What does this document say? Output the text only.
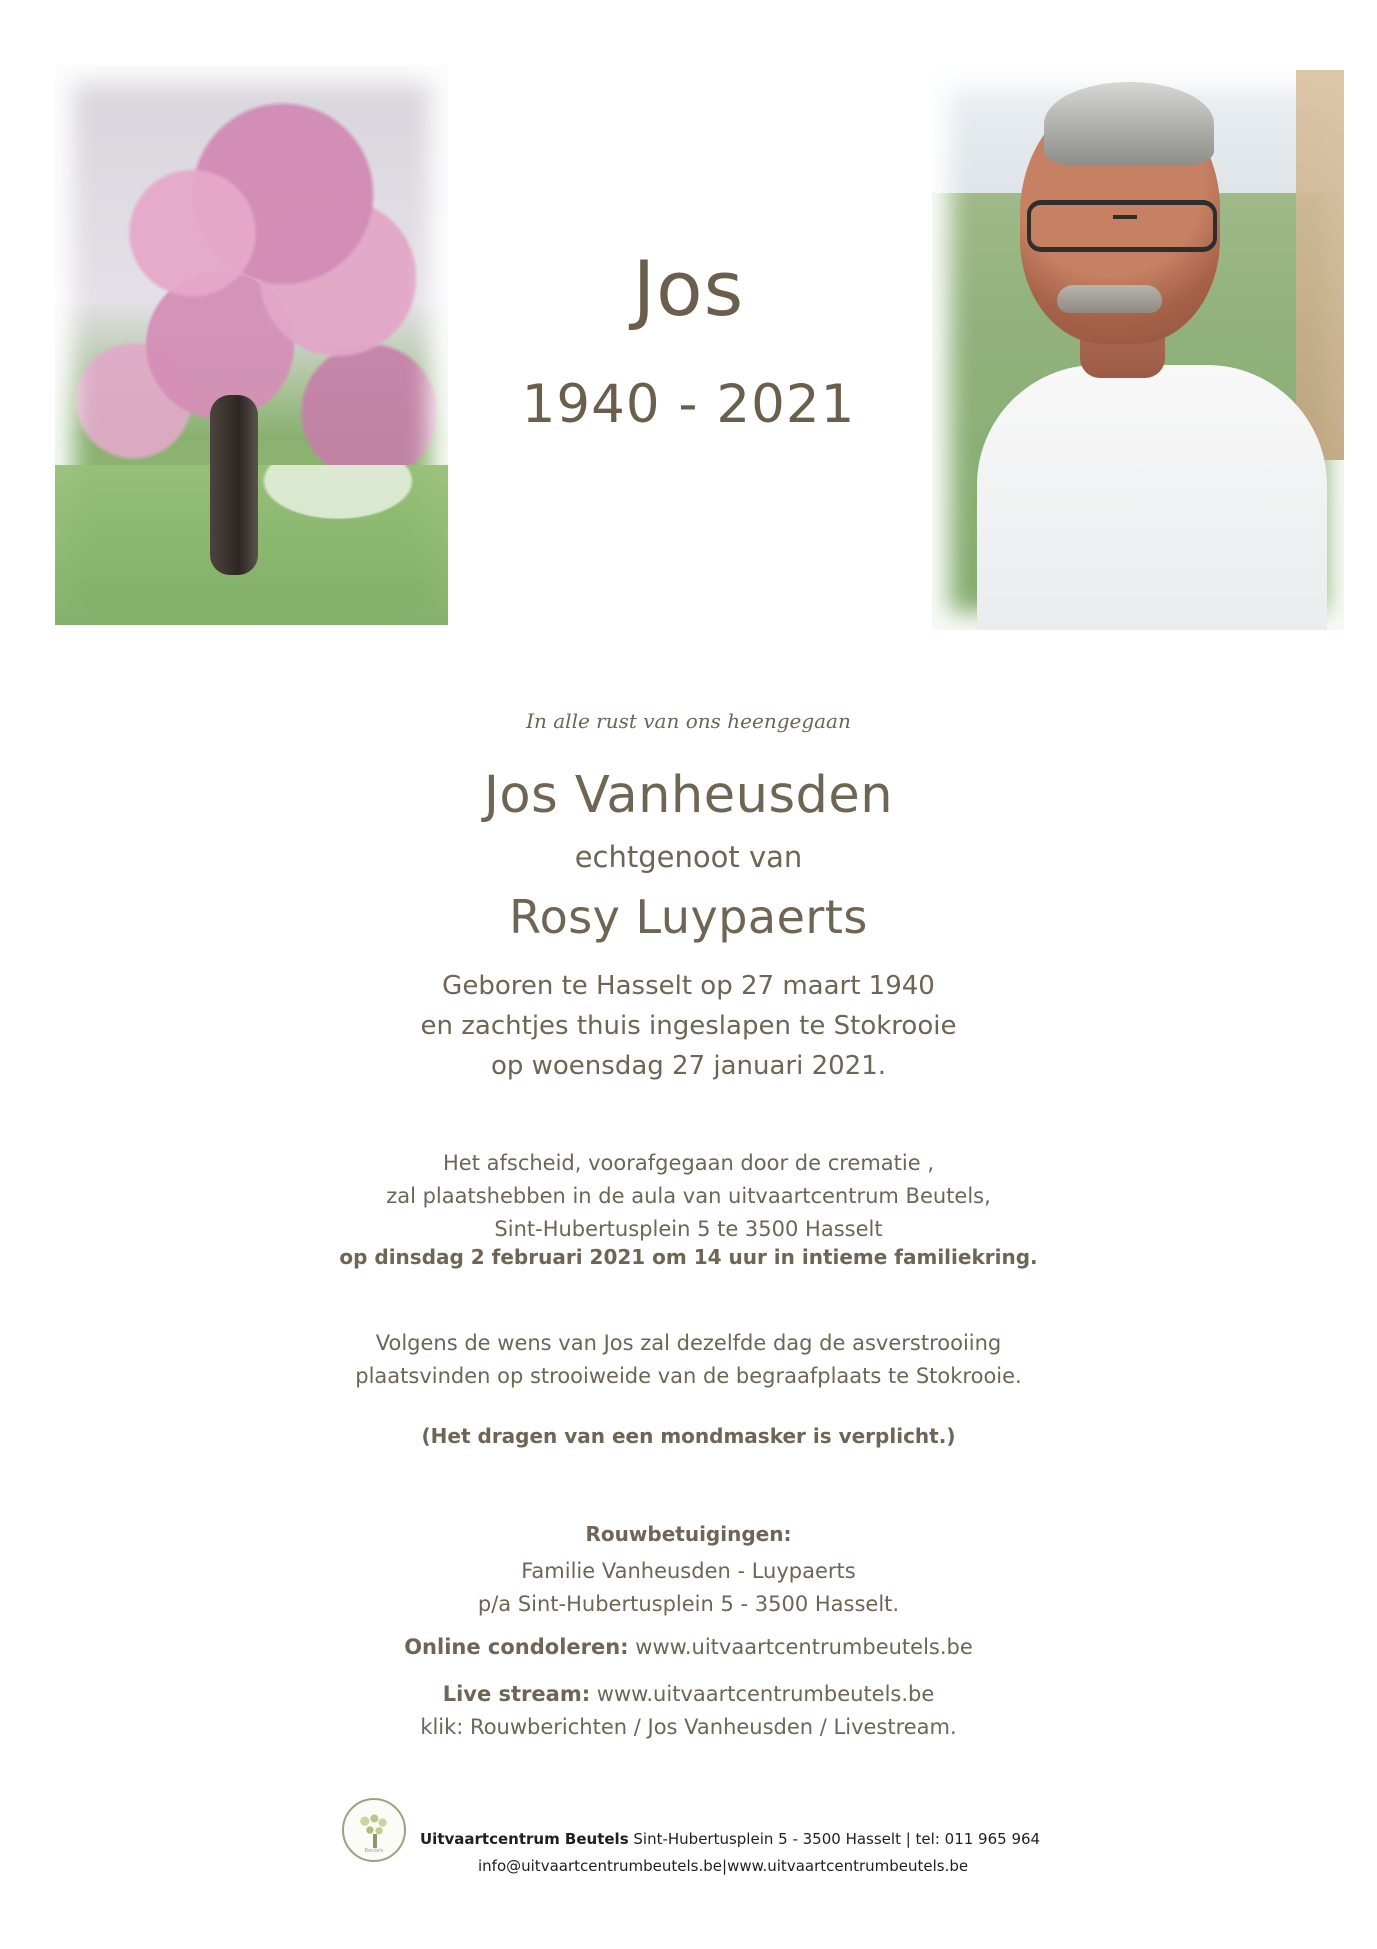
Jos
1940 - 2021
In alle rust van ons heengegaan
Jos Vanheusden
echtgenoot van
Rosy Luypaerts
Geboren te Hasselt op 27 maart 1940
en zachtjes thuis ingeslapen te Stokrooie
op woensdag 27 januari 2021.
Het afscheid, voorafgegaan door de crematie ,
zal plaatshebben in de aula van uitvaartcentrum Beutels,
Sint-Hubertusplein 5 te 3500 Hasselt
op dinsdag 2 februari 2021 om 14 uur in intieme familiekring.
Volgens de wens van Jos zal dezelfde dag de asverstrooiing
plaatsvinden op strooiweide van de begraafplaats te Stokrooie.
(Het dragen van een mondmasker is verplicht.)
Rouwbetuigingen:
Familie Vanheusden - Luypaerts
p/a Sint-Hubertusplein 5 - 3500 Hasselt.
Online condoleren: www.uitvaartcentrumbeutels.be
Live stream: www.uitvaartcentrumbeutels.be
klik: Rouwberichten / Jos Vanheusden / Livestream.
Beutels
Uitvaartcentrum Beutels Sint-Hubertusplein 5 - 3500 Hasselt | tel: 011 965 964
info@uitvaartcentrumbeutels.be|www.uitvaartcentrumbeutels.be
